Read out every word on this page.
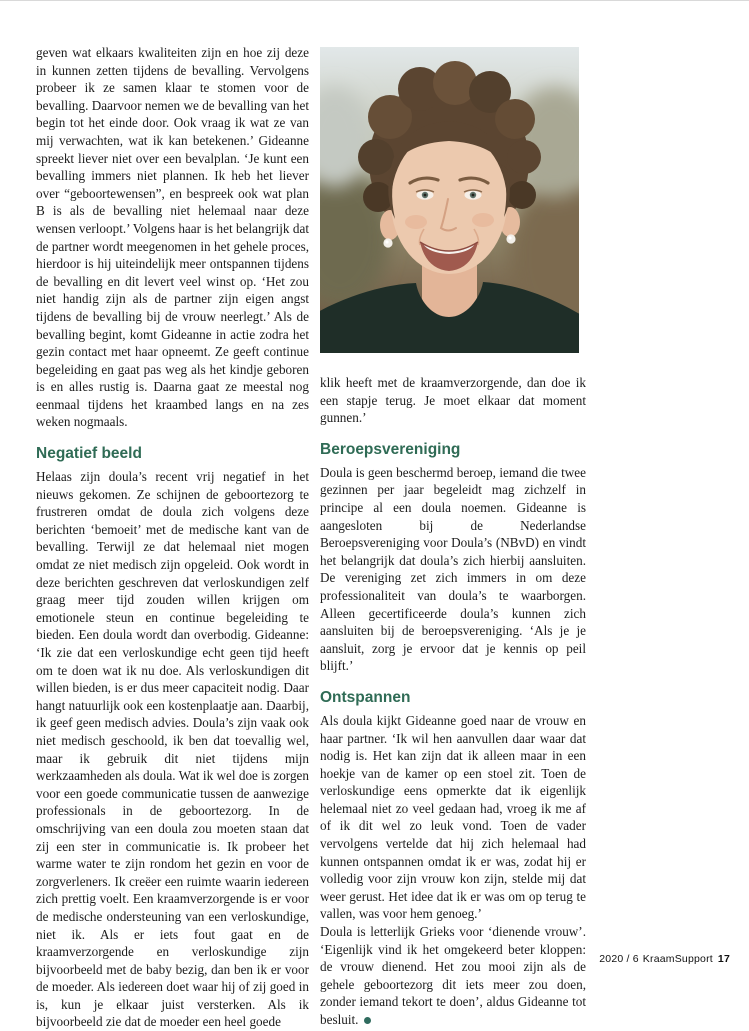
geven wat elkaars kwaliteiten zijn en hoe zij deze in kunnen zetten tijdens de bevalling. Vervolgens probeer ik ze samen klaar te stomen voor de bevalling. Daarvoor nemen we de bevalling van het begin tot het einde door. Ook vraag ik wat ze van mij verwachten, wat ik kan betekenen.’ Gideanne spreekt liever niet over een bevalplan. ‘Je kunt een bevalling immers niet plannen. Ik heb het liever over “geboortewensen”, en bespreek ook wat plan B is als de bevalling niet helemaal naar deze wensen verloopt.’ Volgens haar is het belangrijk dat de partner wordt meegenomen in het gehele proces, hierdoor is hij uiteindelijk meer ontspannen tijdens de bevalling en dit levert veel winst op. ‘Het zou niet handig zijn als de partner zijn eigen angst tijdens de bevalling bij de vrouw neerlegt.’ Als de bevalling begint, komt Gideanne in actie zodra het gezin contact met haar opneemt. Ze geeft continue begeleiding en gaat pas weg als het kindje geboren is en alles rustig is. Daarna gaat ze meestal nog eenmaal tijdens het kraambed langs en na zes weken nogmaals.

Negatief beeld

Helaas zijn doula’s recent vrij negatief in het nieuws gekomen. Ze schijnen de geboortezorg te frustreren omdat de doula zich volgens deze berichten ‘bemoeit’ met de medische kant van de bevalling. Terwijl ze dat helemaal niet mogen omdat ze niet medisch zijn opgeleid. Ook wordt in deze berichten geschreven dat verloskundigen zelf graag meer tijd zouden willen krijgen om emotionele steun en continue begeleiding te bieden. Een doula wordt dan overbodig. Gideanne: ‘Ik zie dat een verloskundige echt geen tijd heeft om te doen wat ik nu doe. Als verloskundigen dit willen bieden, is er dus meer capaciteit nodig. Daar hangt natuurlijk ook een kostenplaatje aan. Daarbij, ik geef geen medisch advies. Doula’s zijn vaak ook niet medisch geschoold, ik ben dat toevallig wel, maar ik gebruik dit niet tijdens mijn werkzaamheden als doula. Wat ik wel doe is zorgen voor een goede communicatie tussen de aanwezige professionals in de geboortezorg. In de omschrijving van een doula zou moeten staan dat zij een ster in communicatie is. Ik probeer het warme water te zijn rondom het gezin en voor de zorgverleners. Ik creëer een ruimte waarin iedereen zich prettig voelt. Een kraamverzorgende is er voor de medische ondersteuning van een verloskundige, niet ik. Als er iets fout gaat en de kraamverzorgende en verloskundige zijn bijvoorbeeld met de baby bezig, dan ben ik er voor de moeder. Als iedereen doet waar hij of zij goed in is, kun je elkaar juist versterken. Als ik bijvoorbeeld zie dat de moeder een heel goede

klik heeft met de kraamverzorgende, dan doe ik een stapje terug. Je moet elkaar dat moment gunnen.’

Beroepsvereniging

Doula is geen beschermd beroep, iemand die twee gezinnen per jaar begeleidt mag zichzelf in principe al een doula noemen. Gideanne is aangesloten bij de Nederlandse Beroepsvereniging voor Doula’s (NBvD) en vindt het belangrijk dat doula’s zich hierbij aansluiten. De vereniging zet zich immers in om deze professionaliteit van doula’s te waarborgen. Alleen gecertificeerde doula’s kunnen zich aansluiten bij de beroepsvereniging. ‘Als je je aansluit, zorg je ervoor dat je kennis op peil blijft.’

Ontspannen

Als doula kijkt Gideanne goed naar de vrouw en haar partner. ‘Ik wil hen aanvullen daar waar dat nodig is. Het kan zijn dat ik alleen maar in een hoekje van de kamer op een stoel zit. Toen de verloskundige eens opmerkte dat ik eigenlijk helemaal niet zo veel gedaan had, vroeg ik me af of ik dit wel zo leuk vond. Toen de vader vervolgens vertelde dat hij zich helemaal had kunnen ontspannen omdat ik er was, zodat hij er volledig voor zijn vrouw kon zijn, stelde mij dat weer gerust. Het idee dat ik er was om op terug te vallen, was voor hem genoeg.’

Doula is letterlijk Grieks voor ‘dienende vrouw’. ‘Eigenlijk vind ik het omgekeerd beter kloppen: de vrouw dienend. Het zou mooi zijn als de gehele geboortezorg dit iets meer zou doen, zonder iemand tekort te doen’, aldus Gideanne tot besluit.

2020 / 6 KraamSupport 17
